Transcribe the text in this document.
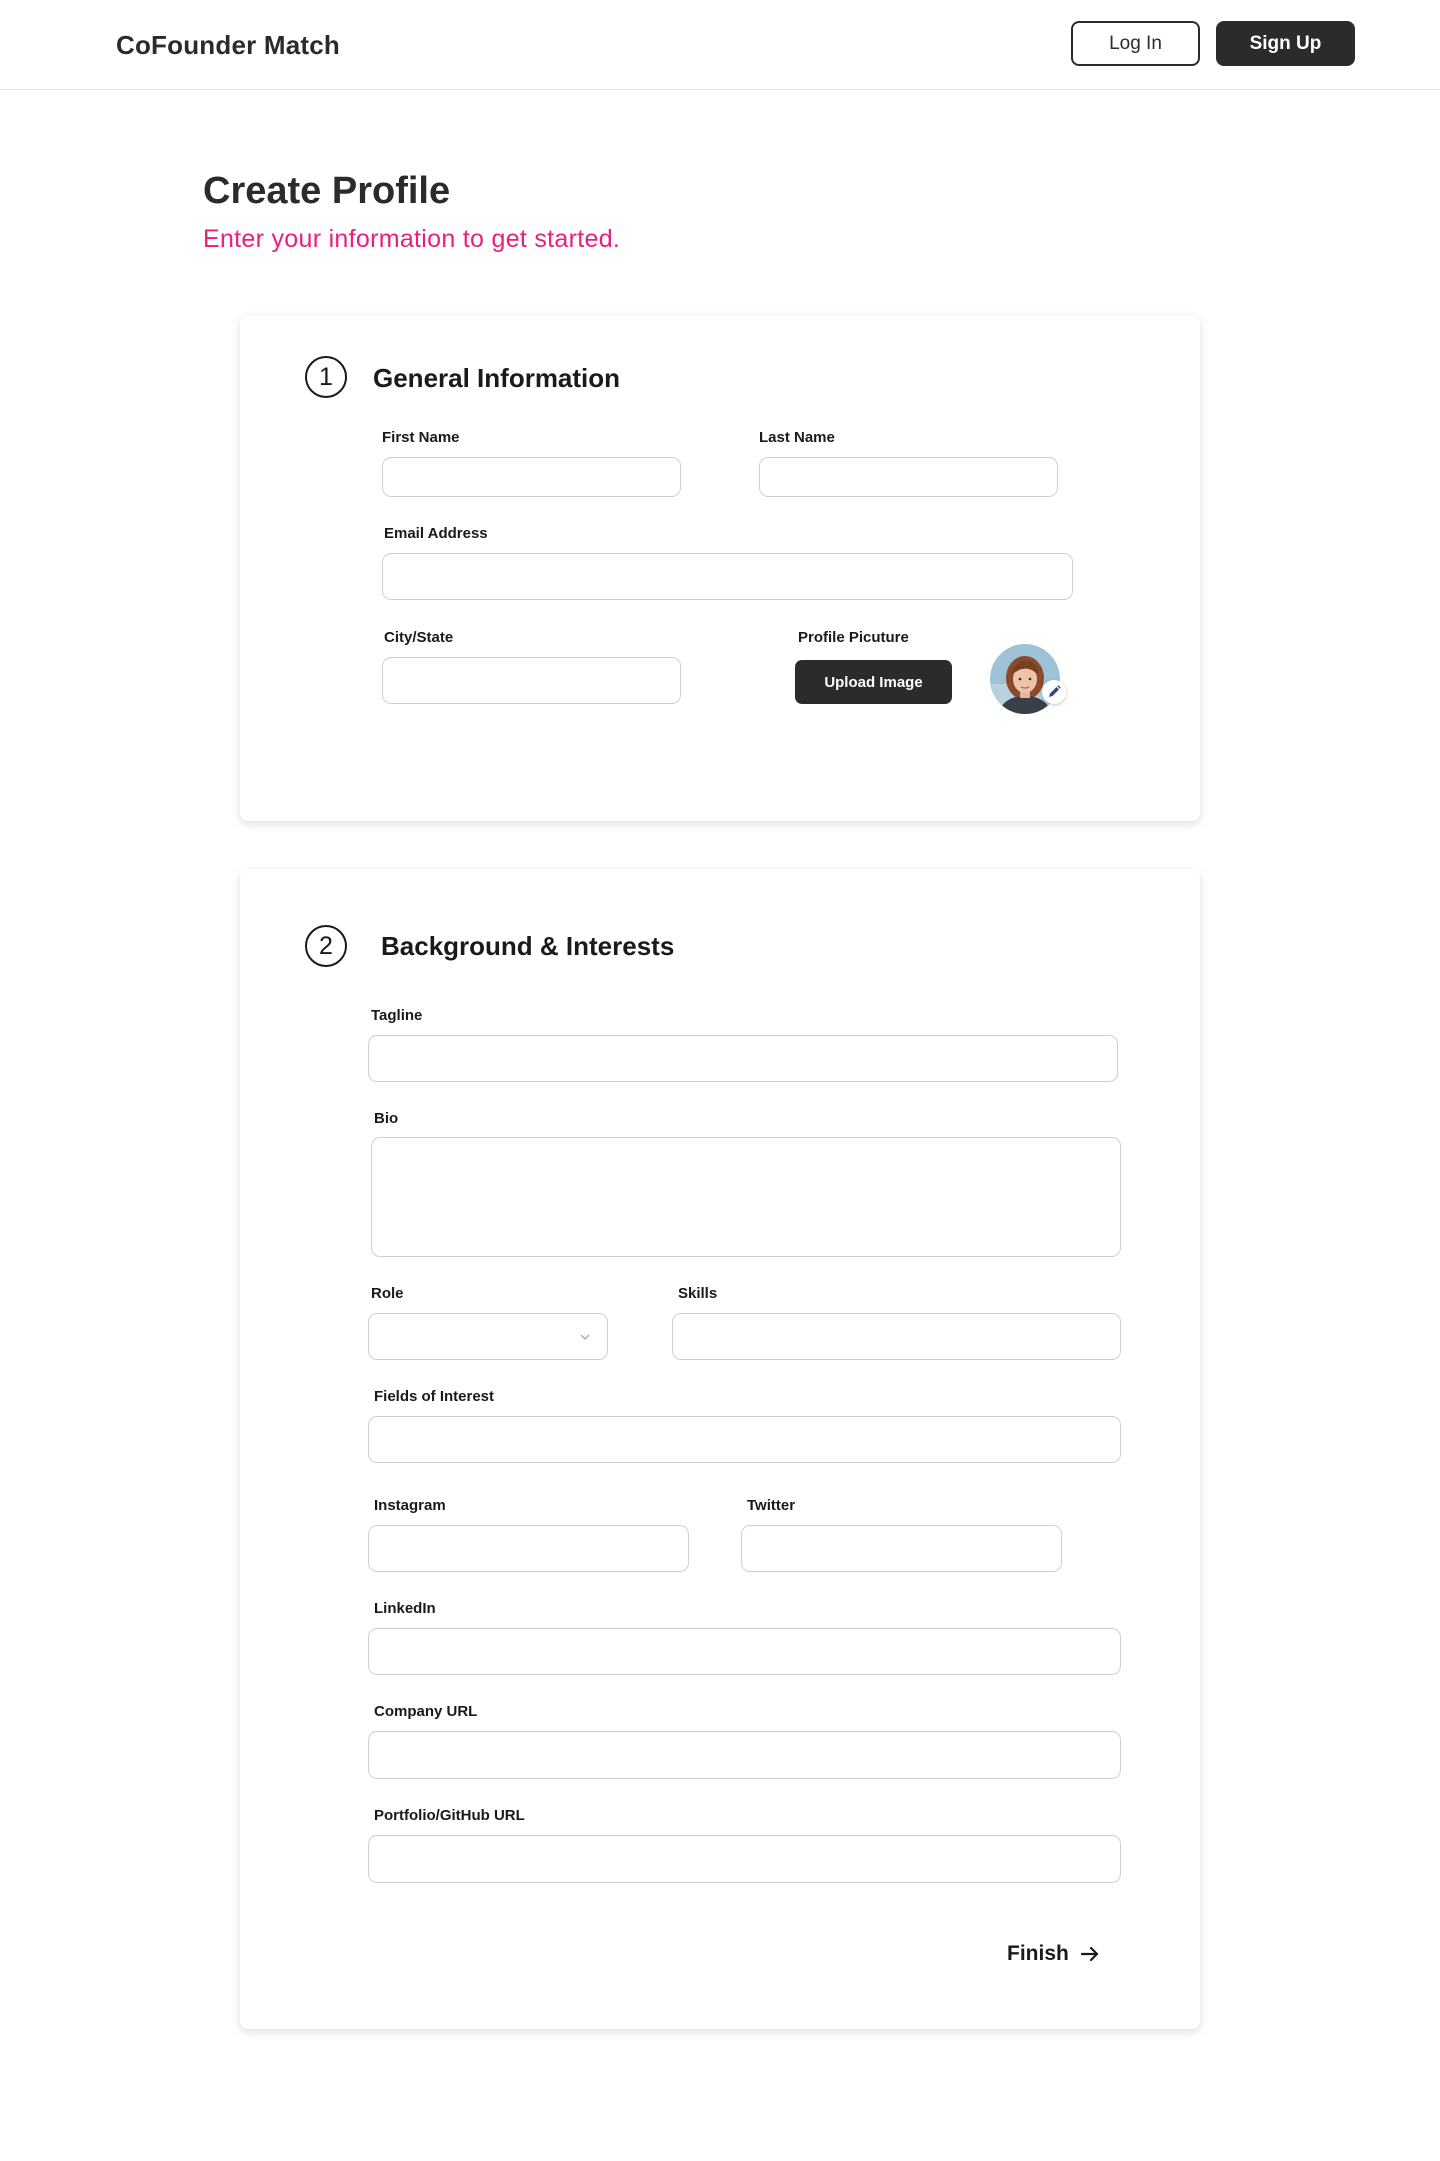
CoFounder Match	Log In	Sign Up
Create Profile
Enter your information to get started.
1	General Information
First Name	Last Name
Email Address
City/State	Profile Picuture
Upload Image
2	Background & Interests
Tagline
Bio
Role	Skills
Fields of Interest
Instagram	Twitter
LinkedIn
Company URL
Portfolio/GitHub URL
Finish
